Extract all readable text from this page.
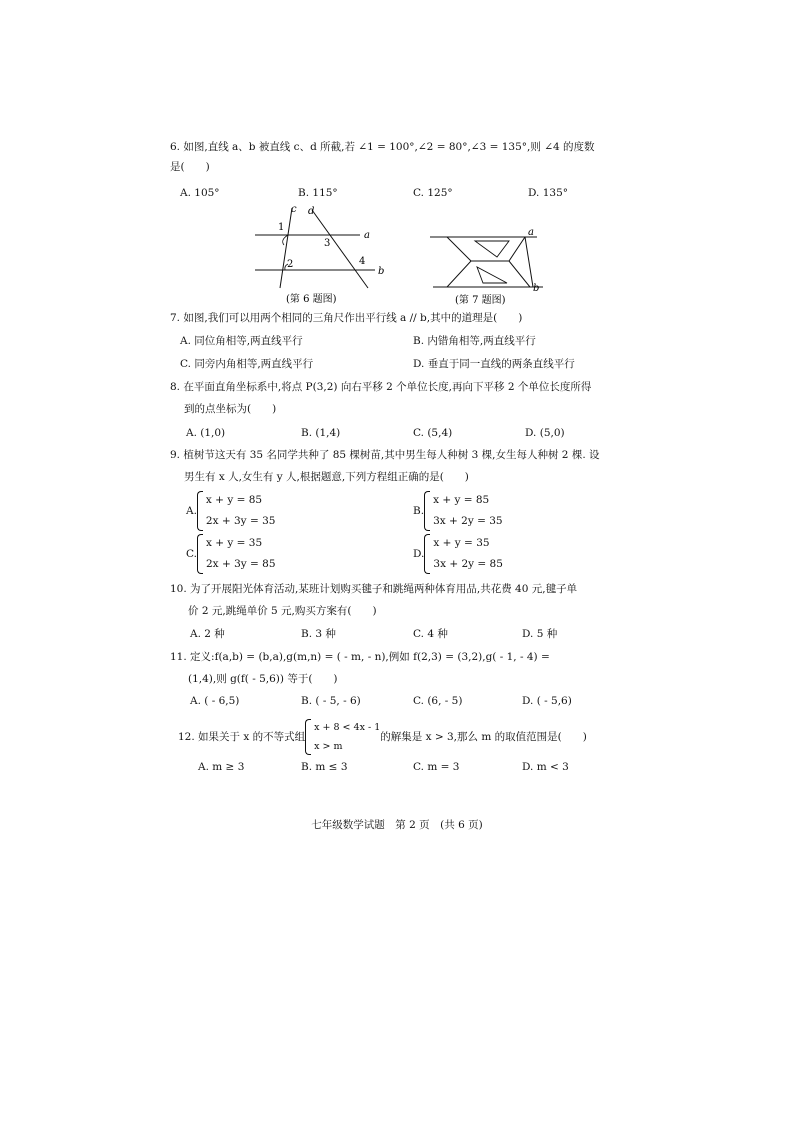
6. 如图,直线 a、b 被直线 c、d 所截,若 ∠1 = 100°,∠2 = 80°,∠3 = 135°,则 ∠4 的度数
是(　　)
A. 105°	B. 115°	C. 125°	D. 135°
c d
a
b
1
2
3
4
(第 6 题图)
a
b
(第 7 题图)
7. 如图,我们可以用两个相同的三角尺作出平行线 a // b,其中的道理是(　　)
A. 同位角相等,两直线平行	B. 内错角相等,两直线平行
C. 同旁内角相等,两直线平行	D. 垂直于同一直线的两条直线平行
8. 在平面直角坐标系中,将点 P(3,2) 向右平移 2 个单位长度,再向下平移 2 个单位长度所得
到的点坐标为(　　)
A. (1,0)	B. (1,4)	C. (5,4)	D. (5,0)
9. 植树节这天有 35 名同学共种了 85 棵树苗,其中男生每人种树 3 棵,女生每人种树 2 棵. 设
男生有 x 人,女生有 y 人,根据题意,下列方程组正确的是(　　)
A.
x + y = 85
2x + 3y = 35
B.
x + y = 85
3x + 2y = 35
C.
x + y = 35
2x + 3y = 85
D.
x + y = 35
3x + 2y = 85
10. 为了开展阳光体育活动,某班计划购买毽子和跳绳两种体育用品,共花费 40 元,毽子单
价 2 元,跳绳单价 5 元,购买方案有(　　)
A. 2 种	B. 3 种	C. 4 种	D. 5 种
11. 定义:f(a,b) = (b,a),g(m,n) = ( - m, - n),例如 f(2,3) = (3,2),g( - 1, - 4) =
(1,4),则 g(f( - 5,6)) 等于(　　)
A. ( - 6,5)	B. ( - 5, - 6)	C. (6, - 5)	D. ( - 5,6)
12. 如果关于 x 的不等式组
x + 8 < 4x - 1
x > m
的解集是 x > 3,那么 m 的取值范围是(　　)
A. m ≥ 3	B. m ≤ 3	C. m = 3	D. m < 3
七年级数学试题　第 2 页　(共 6 页)
